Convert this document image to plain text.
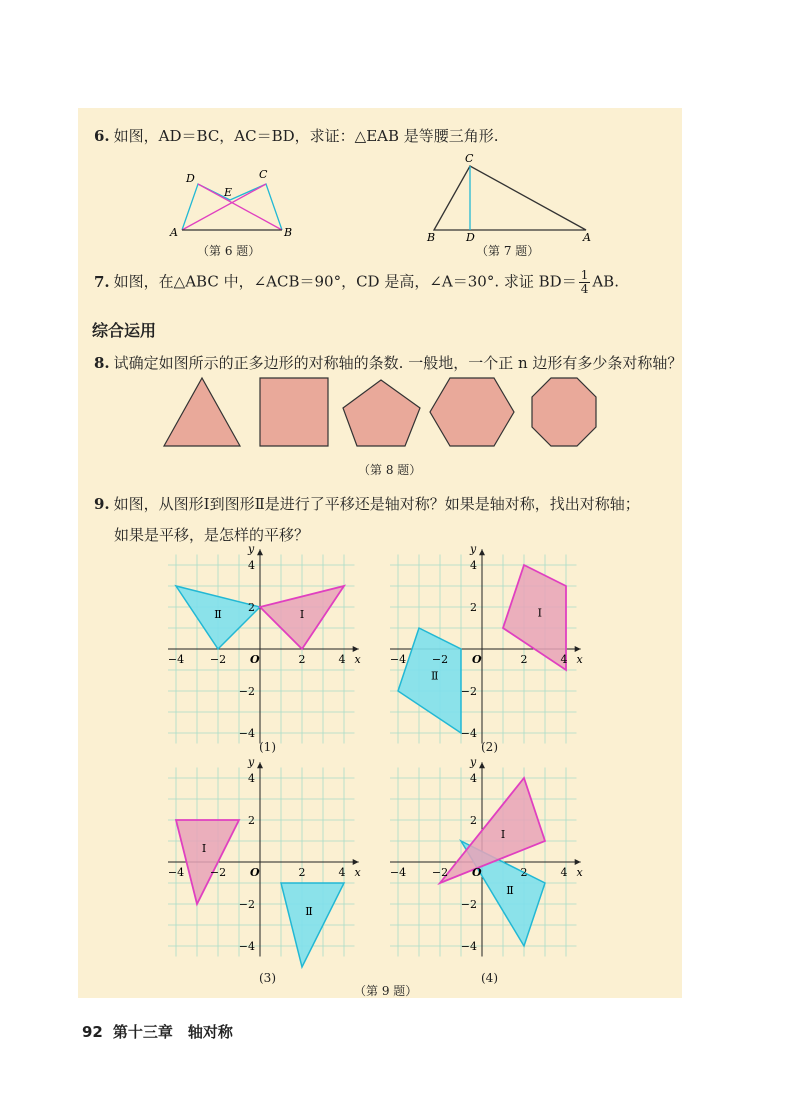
6. 如图，AD＝BC，AC＝BD，求证：△EAB 是等腰三角形.
D
E
C
A	B
（第 6 题）
C
B	D	A
（第 7 题）
7. 如图，在△ABC 中，∠ACB＝90°，CD 是高，∠A＝30°. 求证 $BD= \frac{1}{4}$ AB.
综合运用
8. 试确定如图所示的正多边形的对称轴的条数. 一般地，一个正 n 边形有多少条对称轴？
（第 8 题）
9. 如图，从图形Ⅰ到图形Ⅱ是进行了平移还是轴对称？如果是轴对称，找出对称轴；
如果是平移，是怎样的平移？
Ⅰ
Ⅱ
−4 −2	2	4 x
O
4
2
−2
−4
y
(1)
Ⅰ
Ⅱ
−4 −2	2	4 x
O
4
2
−2
−4
y
(2)
Ⅰ
Ⅱ
−4 −2	2	4 x
O
4
2
−2
−4
y
(3)
Ⅰ
Ⅱ
−4 −2	2	4 x
O
4
2
−2
−4
y
(4)
（第 9 题）
92 第十三章　轴对称
